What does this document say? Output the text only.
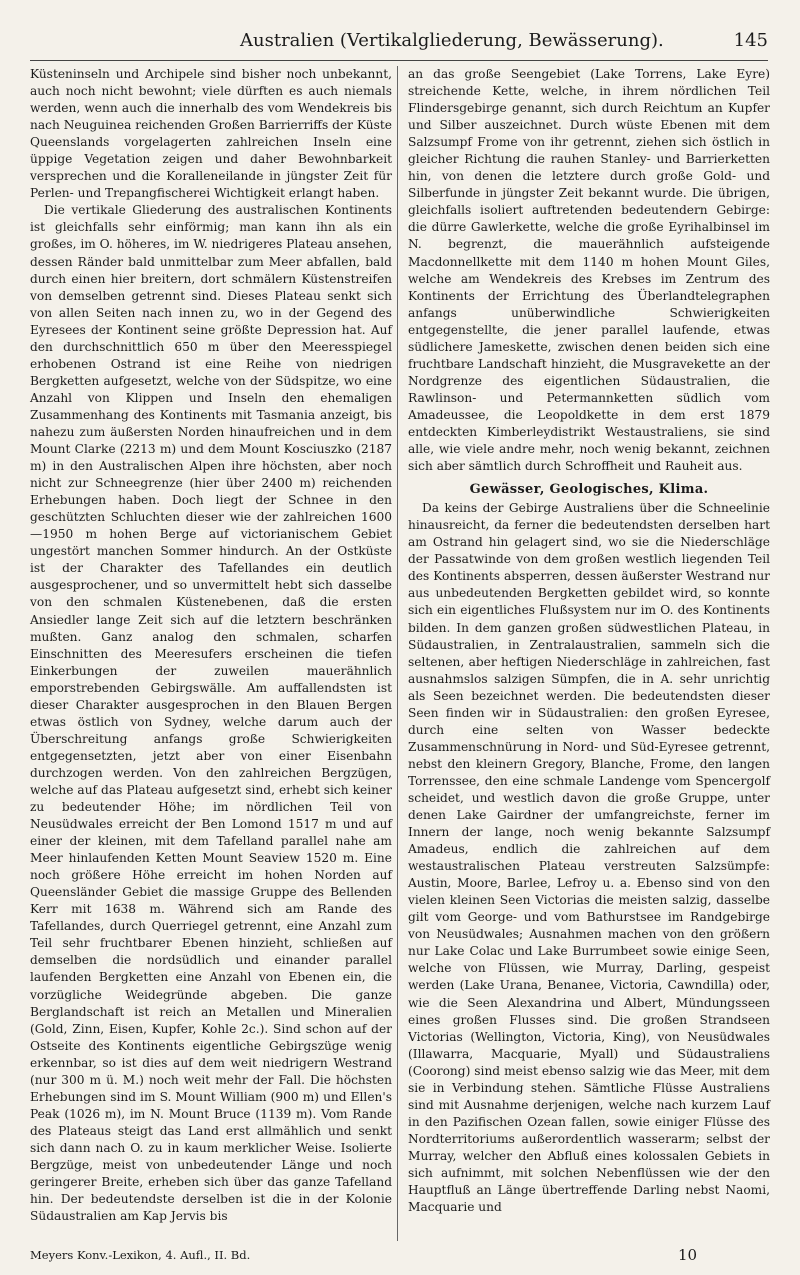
Australien (Vertikalgliederung, Bewässerung).	145

Küsteninseln und Archipele sind bisher noch unbekannt, auch noch nicht bewohnt; viele dürften es auch niemals werden, wenn auch die innerhalb des vom Wendekreis bis nach Neuguinea reichenden Großen Barrierriffs der Küste Queenslands vorgelagerten zahlreichen Inseln eine üppige Vegetation zeigen und daher Bewohnbarkeit versprechen und die Koralleneilande in jüngster Zeit für Perlen- und Trepangfischerei Wichtigkeit erlangt haben.

Die vertikale Gliederung des australischen Kontinents ist gleichfalls sehr einförmig; man kann ihn als ein großes, im O. höheres, im W. niedrigeres Plateau ansehen, dessen Ränder bald unmittelbar zum Meer abfallen, bald durch einen hier breitern, dort schmälern Küstenstreifen von demselben getrennt sind. Dieses Plateau senkt sich von allen Seiten nach innen zu, wo in der Gegend des Eyresees der Kontinent seine größte Depression hat. Auf den durchschnittlich 650 m über den Meeresspiegel erhobenen Ostrand ist eine Reihe von niedrigen Bergketten aufgesetzt, welche von der Südspitze, wo eine Anzahl von Klippen und Inseln den ehemaligen Zusammenhang des Kontinents mit Tasmania anzeigt, bis nahezu zum äußersten Norden hinaufreichen und in dem Mount Clarke (2213 m) und dem Mount Kosciuszko (2187 m) in den Australischen Alpen ihre höchsten, aber noch nicht zur Schneegrenze (hier über 2400 m) reichenden Erhebungen haben. Doch liegt der Schnee in den geschützten Schluchten dieser wie der zahlreichen 1600—1950 m hohen Berge auf victorianischem Gebiet ungestört manchen Sommer hindurch. An der Ostküste ist der Charakter des Tafellandes ein deutlich ausgesprochener, und so unvermittelt hebt sich dasselbe von den schmalen Küstenebenen, daß die ersten Ansiedler lange Zeit sich auf die letztern beschränken mußten. Ganz analog den schmalen, scharfen Einschnitten des Meeresufers erscheinen die tiefen Einkerbungen der zuweilen mauerähnlich emporstrebenden Gebirgswälle. Am auffallendsten ist dieser Charakter ausgesprochen in den Blauen Bergen etwas östlich von Sydney, welche darum auch der Überschreitung anfangs große Schwierigkeiten entgegensetzten, jetzt aber von einer Eisenbahn durchzogen werden. Von den zahlreichen Bergzügen, welche auf das Plateau aufgesetzt sind, erhebt sich keiner zu bedeutender Höhe; im nördlichen Teil von Neusüdwales erreicht der Ben Lomond 1517 m und auf einer der kleinen, mit dem Tafelland parallel nahe am Meer hinlaufenden Ketten Mount Seaview 1520 m. Eine noch größere Höhe erreicht im hohen Norden auf Queensländer Gebiet die massige Gruppe des Bellenden Kerr mit 1638 m. Während sich am Rande des Tafellandes, durch Querriegel getrennt, eine Anzahl zum Teil sehr fruchtbarer Ebenen hinzieht, schließen auf demselben die nordsüdlich und einander parallel laufenden Bergketten eine Anzahl von Ebenen ein, die vorzügliche Weidegründe abgeben. Die ganze Berglandschaft ist reich an Metallen und Mineralien (Gold, Zinn, Eisen, Kupfer, Kohle 2c.). Sind schon auf der Ostseite des Kontinents eigentliche Gebirgszüge wenig erkennbar, so ist dies auf dem weit niedrigern Westrand (nur 300 m ü. M.) noch weit mehr der Fall. Die höchsten Erhebungen sind im S. Mount William (900 m) und Ellen's Peak (1026 m), im N. Mount Bruce (1139 m). Vom Rande des Plateaus steigt das Land erst allmählich und senkt sich dann nach O. zu in kaum merklicher Weise. Isolierte Bergzüge, meist von unbedeutender Länge und noch geringerer Breite, erheben sich über das ganze Tafelland hin. Der bedeutendste derselben ist die in der Kolonie Südaustralien am Kap Jervis bis

an das große Seengebiet (Lake Torrens, Lake Eyre) streichende Kette, welche, in ihrem nördlichen Teil Flindersgebirge genannt, sich durch Reichtum an Kupfer und Silber auszeichnet. Durch wüste Ebenen mit dem Salzsumpf Frome von ihr getrennt, ziehen sich östlich in gleicher Richtung die rauhen Stanley- und Barrierketten hin, von denen die letztere durch große Gold- und Silberfunde in jüngster Zeit bekannt wurde. Die übrigen, gleichfalls isoliert auftretenden bedeutendern Gebirge: die dürre Gawlerkette, welche die große Eyrihalbinsel im N. begrenzt, die mauerähnlich aufsteigende Macdonnellkette mit dem 1140 m hohen Mount Giles, welche am Wendekreis des Krebses im Zentrum des Kontinents der Errichtung des Überlandtelegraphen anfangs unüberwindliche Schwierigkeiten entgegenstellte, die jener parallel laufende, etwas südlichere Jameskette, zwischen denen beiden sich eine fruchtbare Landschaft hinzieht, die Musgravekette an der Nordgrenze des eigentlichen Südaustralien, die Rawlinson- und Petermannketten südlich vom Amadeussee, die Leopoldkette in dem erst 1879 entdeckten Kimberleydistrikt Westaustraliens, sie sind alle, wie viele andre mehr, noch wenig bekannt, zeichnen sich aber sämtlich durch Schroffheit und Rauheit aus.

Gewässer, Geologisches, Klima.

Da keins der Gebirge Australiens über die Schneelinie hinausreicht, da ferner die bedeutendsten derselben hart am Ostrand hin gelagert sind, wo sie die Niederschläge der Passatwinde von dem großen westlich liegenden Teil des Kontinents absperren, dessen äußerster Westrand nur aus unbedeutenden Bergketten gebildet wird, so konnte sich ein eigentliches Flußsystem nur im O. des Kontinents bilden. In dem ganzen großen südwestlichen Plateau, in Südaustralien, in Zentralaustralien, sammeln sich die seltenen, aber heftigen Niederschläge in zahlreichen, fast ausnahmslos salzigen Sümpfen, die in A. sehr unrichtig als Seen bezeichnet werden. Die bedeutendsten dieser Seen finden wir in Südaustralien: den großen Eyresee, durch eine selten von Wasser bedeckte Zusammenschnürung in Nord- und Süd-Eyresee getrennt, nebst den kleinern Gregory, Blanche, Frome, den langen Torrenssee, den eine schmale Landenge vom Spencergolf scheidet, und westlich davon die große Gruppe, unter denen Lake Gairdner der umfangreichste, ferner im Innern der lange, noch wenig bekannte Salzsumpf Amadeus, endlich die zahlreichen auf dem westaustralischen Plateau verstreuten Salzsümpfe: Austin, Moore, Barlee, Lefroy u. a. Ebenso sind von den vielen kleinen Seen Victorias die meisten salzig, dasselbe gilt vom George- und vom Bathurstsee im Randgebirge von Neusüdwales; Ausnahmen machen von den größern nur Lake Colac und Lake Burrumbeet sowie einige Seen, welche von Flüssen, wie Murray, Darling, gespeist werden (Lake Urana, Benanee, Victoria, Cawndilla) oder, wie die Seen Alexandrina und Albert, Mündungsseen eines großen Flusses sind. Die großen Strandseen Victorias (Wellington, Victoria, King), von Neusüdwales (Illawarra, Macquarie, Myall) und Südaustraliens (Coorong) sind meist ebenso salzig wie das Meer, mit dem sie in Verbindung stehen. Sämtliche Flüsse Australiens sind mit Ausnahme derjenigen, welche nach kurzem Lauf in den Pazifischen Ozean fallen, sowie einiger Flüsse des Nordterritoriums außerordentlich wasserarm; selbst der Murray, welcher den Abfluß eines kolossalen Gebiets in sich aufnimmt, mit solchen Nebenflüssen wie der den Hauptfluß an Länge übertreffende Darling nebst Naomi, Macquarie und

Meyers Konv.-Lexikon, 4. Aufl., II. Bd.	10
